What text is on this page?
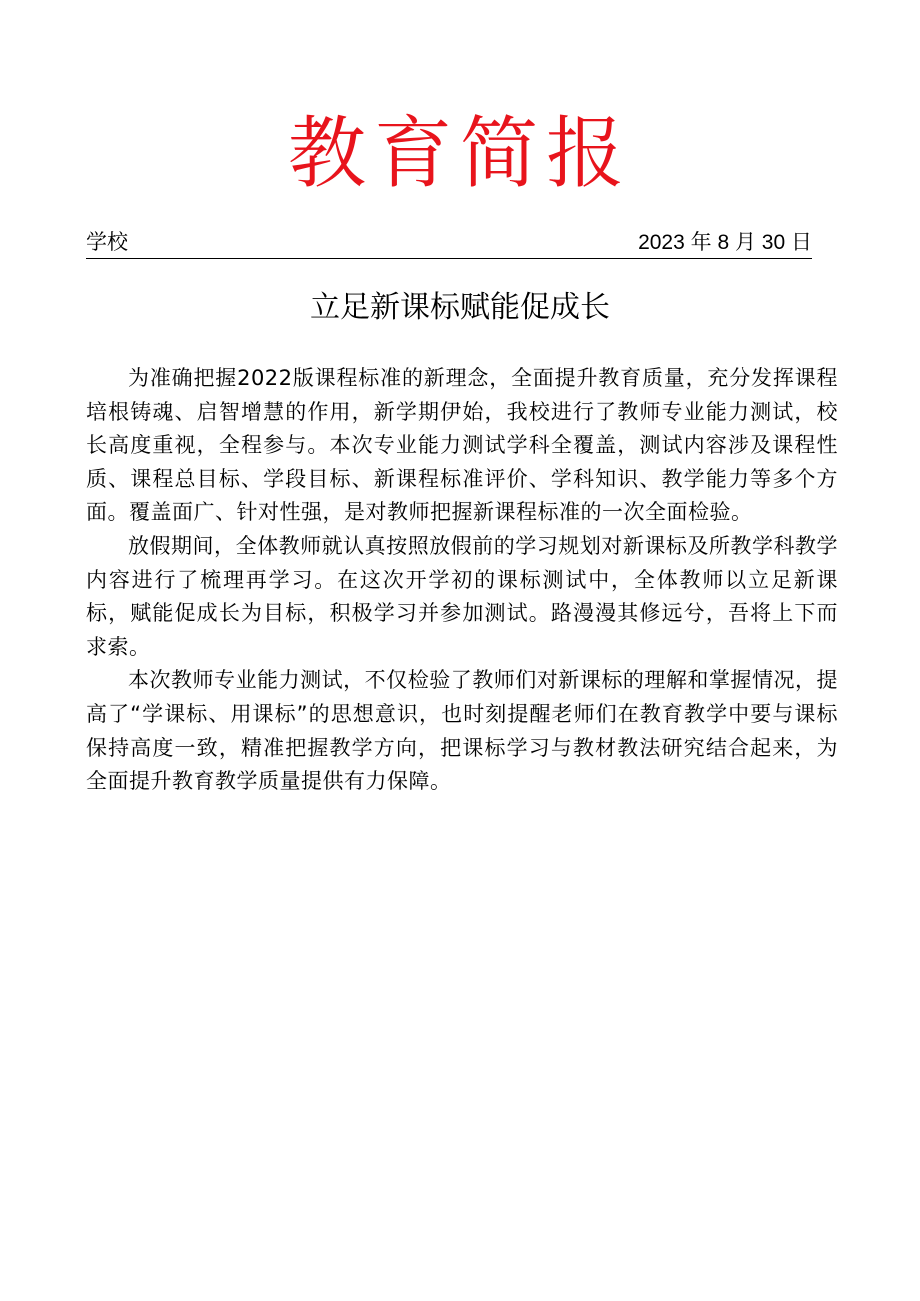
教育简报
学校	2023 年 8 月 30 日
立足新课标赋能促成长

为准确把握2022版课程标准的新理念，全面提升教育质量，充分发挥课程培根铸魂、启智增慧的作用，新学期伊始，我校进行了教师专业能力测试，校长高度重视，全程参与。本次专业能力测试学科全覆盖，测试内容涉及课程性质、课程总目标、学段目标、新课程标准评价、学科知识、教学能力等多个方面。覆盖面广、针对性强，是对教师把握新课程标准的一次全面检验。

放假期间，全体教师就认真按照放假前的学习规划对新课标及所教学科教学内容进行了梳理再学习。在这次开学初的课标测试中，全体教师以立足新课标，赋能促成长为目标，积极学习并参加测试。路漫漫其修远兮，吾将上下而求索。

本次教师专业能力测试，不仅检验了教师们对新课标的理解和掌握情况，提高了“学课标、用课标”的思想意识，也时刻提醒老师们在教育教学中要与课标保持高度一致，精准把握教学方向，把课标学习与教材教法研究结合起来，为全面提升教育教学质量提供有力保障。
